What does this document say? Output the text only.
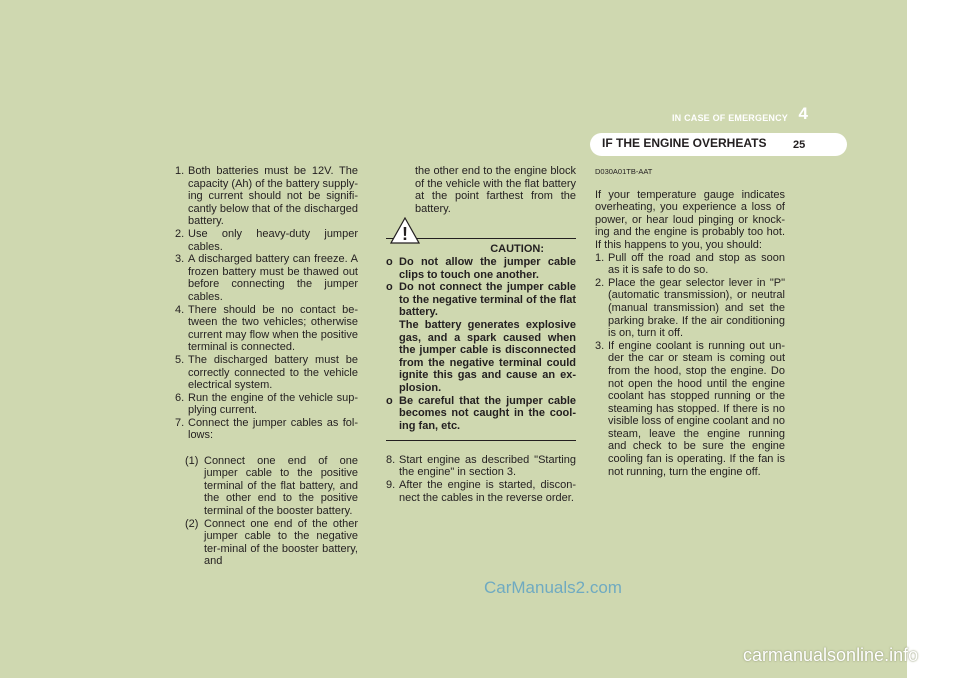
IN CASE OF EMERGENCY 4
IF THE ENGINE OVERHEATS 25

1. Both batteries must be 12V. The capacity (Ah) of the battery supply-ing current should not be signifi-cantly below that of the discharged battery.

2. Use only heavy-duty jumper cables.

3. A discharged battery can freeze. A frozen battery must be thawed out before connecting the jumper cables.

4. There should be no contact be-tween the two vehicles; otherwise current may flow when the positive terminal is connected.

5. The discharged battery must be correctly connected to the vehicle electrical system.

6. Run the engine of the vehicle sup-plying current.

7. Connect the jumper cables as fol-lows:

(1) Connect one end of one jumper cable to the positive terminal of the flat battery, and the other end to the positive terminal of the booster battery.

(2) Connect one end of the other jumper cable to the negative ter-minal of the booster battery, and

the other end to the engine block of the vehicle with the flat battery at the point farthest from the battery.

!
CAUTION:

o Do not allow the jumper cable clips to touch one another.

o Do not connect the jumper cable to the negative terminal of the flat battery.
The battery generates explosive gas, and a spark caused when the jumper cable is disconnected from the negative terminal could ignite this gas and cause an ex-plosion.

o Be careful that the jumper cable becomes not caught in the cool-ing fan, etc.

8. Start engine as described "Starting the engine" in section 3.

9. After the engine is started, discon-nect the cables in the reverse order.

D030A01TB-AAT

If your temperature gauge indicates overheating, you experience a loss of power, or hear loud pinging or knock-ing and the engine is probably too hot. If this happens to you, you should:

1. Pull off the road and stop as soon as it is safe to do so.

2. Place the gear selector lever in "P" (automatic transmission), or neutral (manual transmission) and set the parking brake. If the air conditioning is on, turn it off.

3. If engine coolant is running out un-der the car or steam is coming out from the hood, stop the engine. Do not open the hood until the engine coolant has stopped running or the steaming has stopped. If there is no visible loss of engine coolant and no steam, leave the engine running and check to be sure the engine cooling fan is operating. If the fan is not running, turn the engine off.

CarManuals2.com
carmanualsonline.info
